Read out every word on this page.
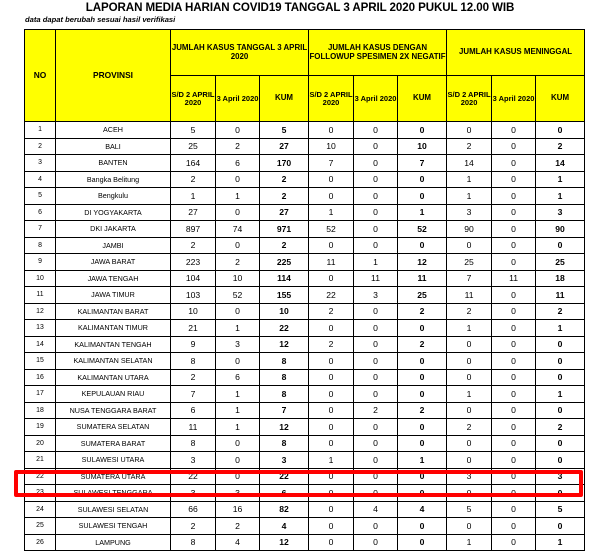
LAPORAN MEDIA HARIAN COVID19 TANGGAL 3 APRIL 2020 PUKUL 12.00 WIB
data dapat berubah sesuai hasil verifikasi
NO	PROVINSI	JUMLAH KASUS TANGGAL 3 APRIL 2020			JUMLAH KASUS DENGAN FOLLOWUP SPESIMEN 2X NEGATIF			JUMLAH KASUS MENINGGAL		
		S/D 2 APRIL 2020	3 April 2020	KUM	S/D 2 APRIL 2020	3 April 2020	KUM	S/D 2 APRIL 2020	3 April 2020	KUM
1	ACEH	5	0	5	0	0	0	0	0	0
2	BALI	25	2	27	10	0	10	2	0	2
3	BANTEN	164	6	170	7	0	7	14	0	14
4	Bangka Belitung	2	0	2	0	0	0	1	0	1
5	Bengkulu	1	1	2	0	0	0	1	0	1
6	DI YOGYAKARTA	27	0	27	1	0	1	3	0	3
7	DKI JAKARTA	897	74	971	52	0	52	90	0	90
8	JAMBI	2	0	2	0	0	0	0	0	0
9	JAWA BARAT	223	2	225	11	1	12	25	0	25
10	JAWA TENGAH	104	10	114	0	11	11	7	11	18
11	JAWA TIMUR	103	52	155	22	3	25	11	0	11
12	KALIMANTAN BARAT	10	0	10	2	0	2	2	0	2
13	KALIMANTAN TIMUR	21	1	22	0	0	0	1	0	1
14	KALIMANTAN TENGAH	9	3	12	2	0	2	0	0	0
15	KALIMANTAN SELATAN	8	0	8	0	0	0	0	0	0
16	KALIMANTAN UTARA	2	6	8	0	0	0	0	0	0
17	KEPULAUAN RIAU	7	1	8	0	0	0	1	0	1
18	NUSA TENGGARA BARAT	6	1	7	0	2	2	0	0	0
19	SUMATERA SELATAN	11	1	12	0	0	0	2	0	2
20	SUMATERA BARAT	8	0	8	0	0	0	0	0	0
21	SULAWESI UTARA	3	0	3	1	0	1	0	0	0
22	SUMATERA UTARA	22	0	22	0	0	0	3	0	3
23	SULAWESI TENGGARA	3	3	6	0	0	0	0	0	0
24	SULAWESI SELATAN	66	16	82	0	4	4	5	0	5
25	SULAWESI TENGAH	2	2	4	0	0	0	0	0	0
26	LAMPUNG	8	4	12	0	0	0	1	0	1
